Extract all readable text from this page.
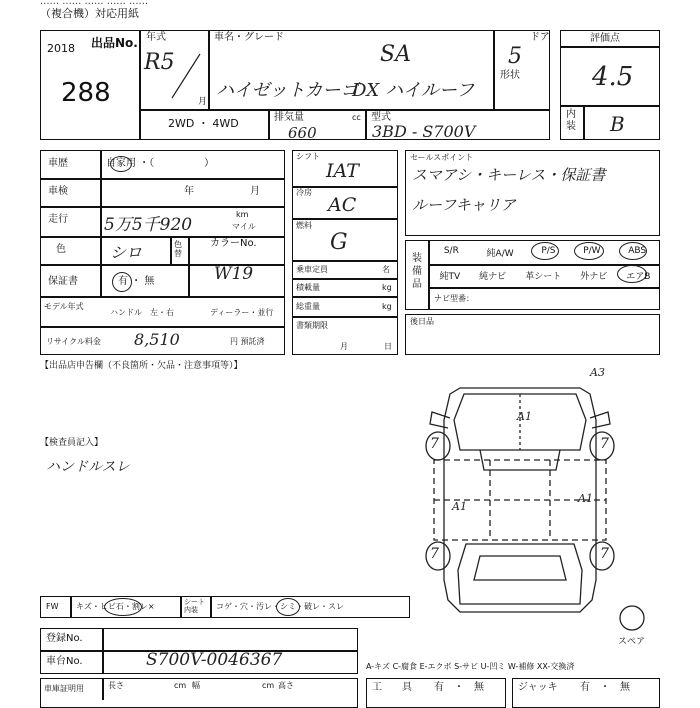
...... ...... ...... ...... ......
（複合機）対応用紙
出品No.
2018
288
年式
R5
月
車名・グレード
SA
ハイゼットカーゴ
DX ハイルーフ
ドア
5
形状
2WD ・ 4WD	排気量	cc
660
型式
3BD - S700V
評価点
4.5
内装 B
車歴	自家用 ・（　　　　　）
車検	年	月
走行 5万5千920
km
マイル
色	シロ	色替
カラーNo.
W19
保証書	有 ・ 無
モデル年式
ハンドル　左・右	ディーラー・並行
リサイクル料金 8,510	円 預託済
シフト
IAT
冷房
AC
燃料
G
乗車定員	名
積載量	kg
総重量	kg
書類期限
月	日
セールスポイント
スマアシ・キーレス・保証書
ルーフキャリア
装備品
S/R	純A/W	P/S	P/W	ABS
純TV 純ナビ 革シート 外ナビ エアB
ナビ型番：
後日品
【出品店申告欄（不良箇所・欠品・注意事項等）】
【検査員記入】
ハンドルスレ
A3
A1
A1
A1
7	7
7	7
スペア
FW キズ・ヒビ石・割レ×	シート内装	コゲ・穴・汚レ・シミ・破レ・スレ
登録No.
車台No.	S700V-0046367	A-キズ C-腐食 E-エクボ S-サビ U-凹ミ W-補修 XX-交換済
車庫証明用	長さ	cm 幅	cm 高さ	工　　具 有　・　無	ジャッキ 有　・　無
